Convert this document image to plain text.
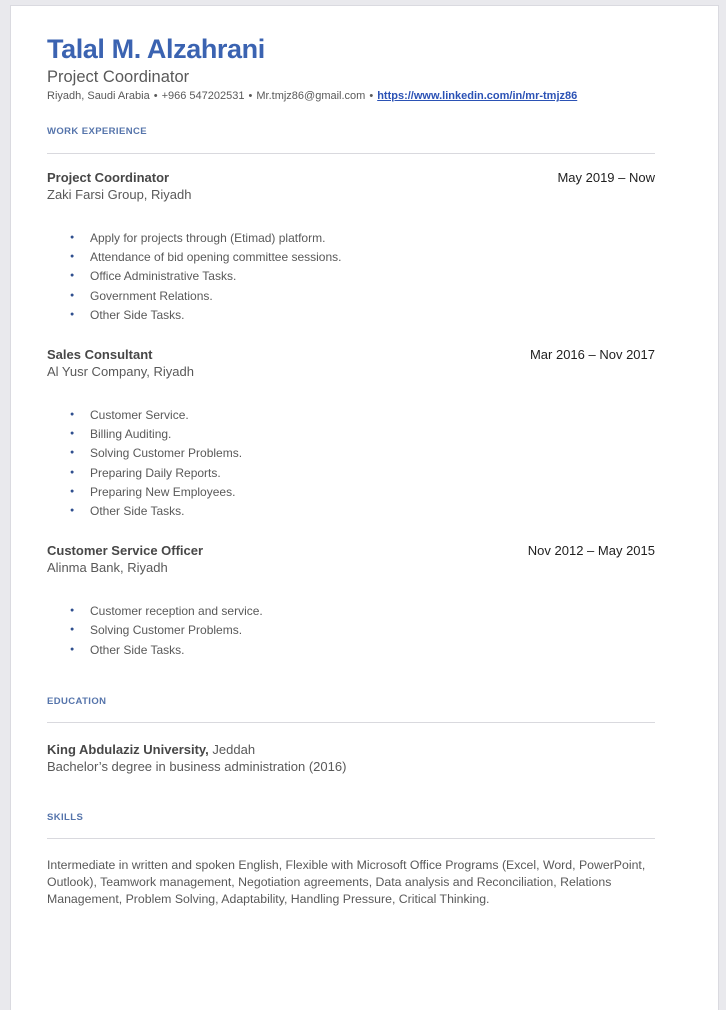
Talal M. Alzahrani
Project Coordinator
Riyadh, Saudi Arabia • +966 547202531 • Mr.tmjz86@gmail.com • https://www.linkedin.com/in/mr-tmjz86
WORK EXPERIENCE
Project Coordinator	May 2019 – Now
Zaki Farsi Group, Riyadh
● Apply for projects through (Etimad) platform.
● Attendance of bid opening committee sessions.
● Office Administrative Tasks.
● Government Relations.
● Other Side Tasks.
Sales Consultant	Mar 2016 – Nov 2017
Al Yusr Company, Riyadh
● Customer Service.
● Billing Auditing.
● Solving Customer Problems.
● Preparing Daily Reports.
● Preparing New Employees.
● Other Side Tasks.
Customer Service Officer	Nov 2012 – May 2015
Alinma Bank, Riyadh
● Customer reception and service.
● Solving Customer Problems.
● Other Side Tasks.
EDUCATION
King Abdulaziz University, Jeddah
Bachelor’s degree in business administration (2016)
SKILLS
Intermediate in written and spoken English, Flexible with Microsoft Office Programs (Excel, Word, PowerPoint, Outlook), Teamwork management, Negotiation agreements, Data analysis and Reconciliation, Relations Management, Problem Solving, Adaptability, Handling Pressure, Critical Thinking.
